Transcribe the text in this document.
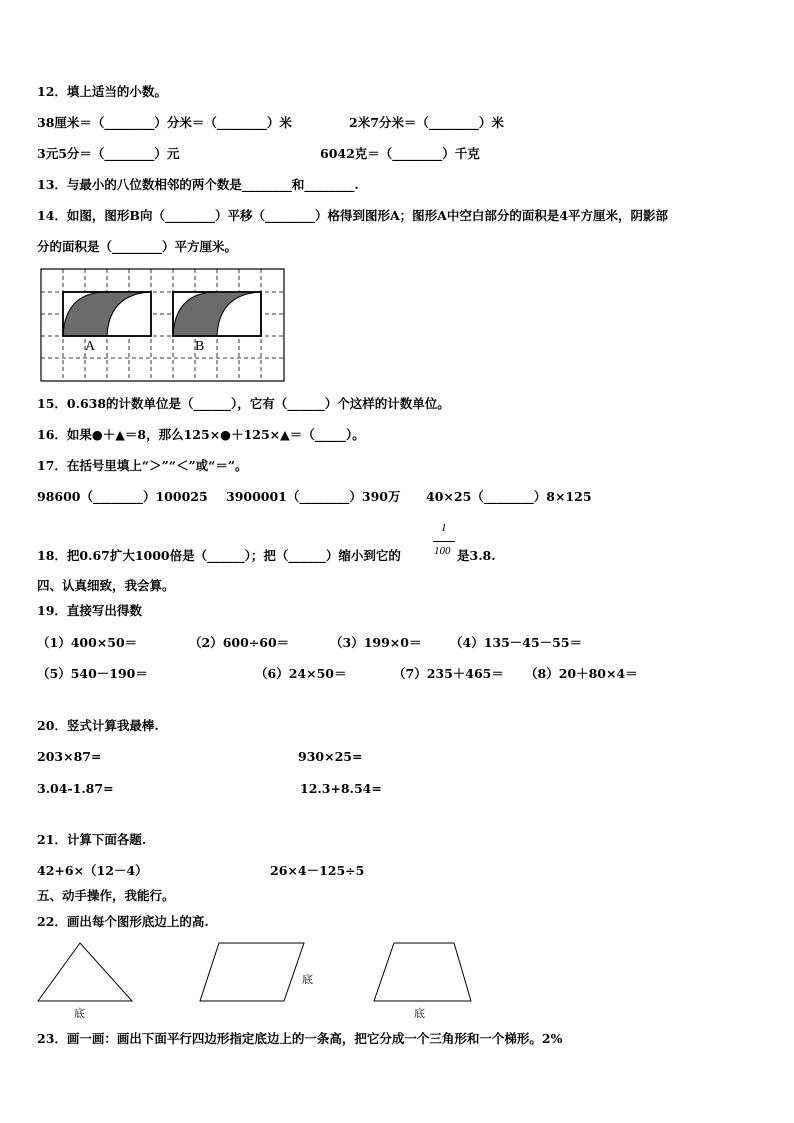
12．填上适当的小数。
38厘米＝（________）分米＝（________）米	2米7分米＝（________）米
3元5分＝（________）元	6042克＝（________）千克
13．与最小的八位数相邻的两个数是________和________.
14．如图，图形B向（________）平移（________）格得到图形A；图形A中空白部分的面积是4平方厘米，阴影部
分的面积是（________）平方厘米。
A	B
15．0.638的计数单位是（______），它有（______）个这样的计数单位。
16．如果●＋▲＝8，那么125×●＋125×▲＝（_____）。
17．在括号里填上“＞”“＜”或“＝”。
98600（________）100025 3900001（________）390万 40×25（________）8×125
18．把0.67扩大1000倍是（______）；把（______）缩小到它的
1
100 是3.8.
四、认真细致，我会算。
19．直接写出得数
（1）400×50＝	（2）600÷60＝	（3）199×0＝ （4）135－45－55＝
（5）540－190＝	（6）24×50＝	（7）235＋465＝ （8）20＋80×4＝
20．竖式计算我最棒.
203×87=	930×25=
3.04-1.87=	12.3+8.54=
21．计算下面各题.
42+6×（12－4）	26×4－125÷5
五、动手操作，我能行。
22．画出每个图形底边上的高.
底
底
底
23．画一画：画出下面平行四边形指定底边上的一条高，把它分成一个三角形和一个梯形。2%
